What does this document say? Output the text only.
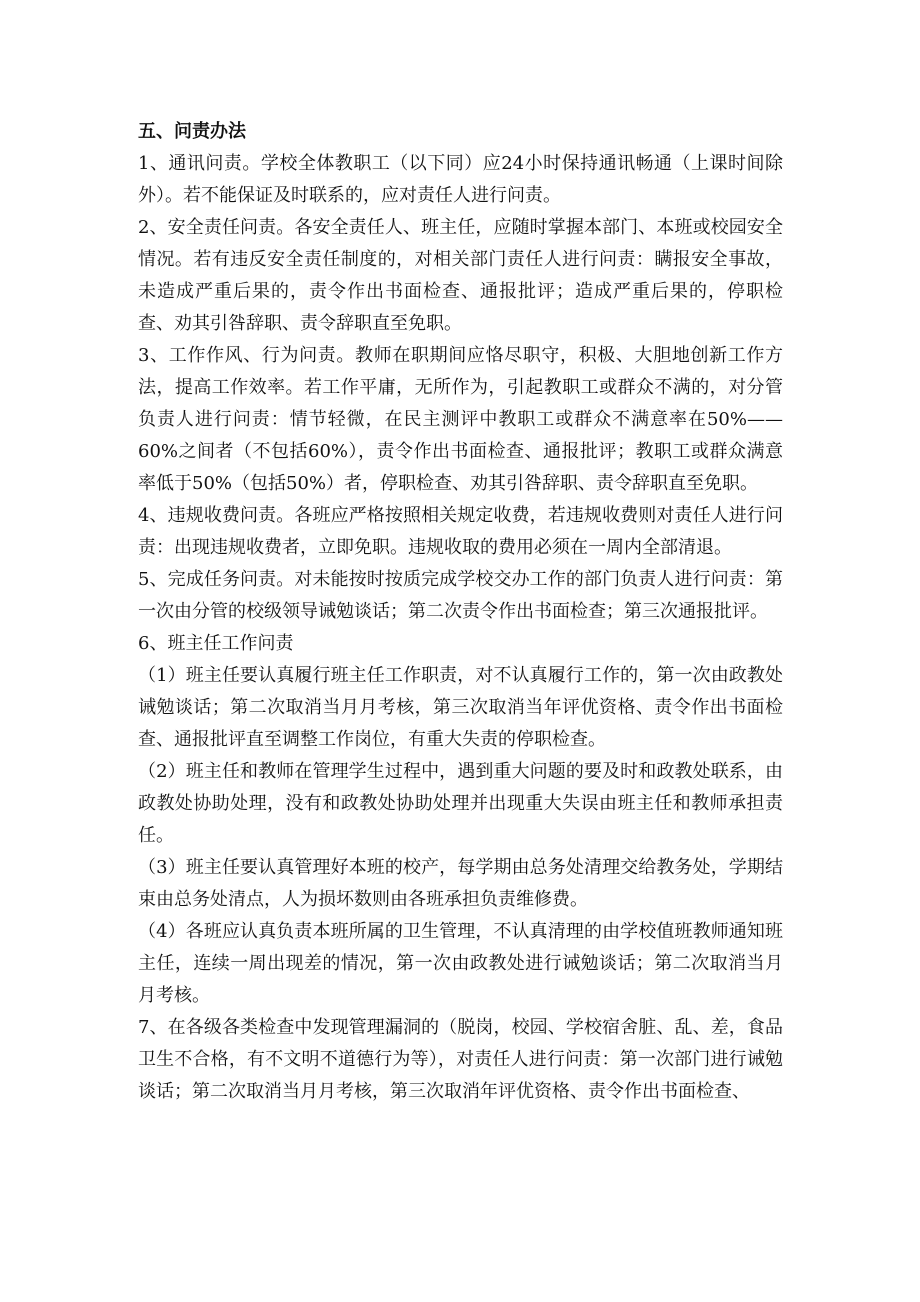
五、问责办法

1、通讯问责。学校全体教职工（以下同）应24小时保持通讯畅通（上课时间除外）。若不能保证及时联系的，应对责任人进行问责。

2、安全责任问责。各安全责任人、班主任，应随时掌握本部门、本班或校园安全情况。若有违反安全责任制度的，对相关部门责任人进行问责：瞒报安全事故，未造成严重后果的，责令作出书面检查、通报批评；造成严重后果的，停职检查、劝其引咎辞职、责令辞职直至免职。

3、工作作风、行为问责。教师在职期间应恪尽职守，积极、大胆地创新工作方法，提高工作效率。若工作平庸，无所作为，引起教职工或群众不满的，对分管负责人进行问责：情节轻微，在民主测评中教职工或群众不满意率在50%——60%之间者（不包括60%），责令作出书面检查、通报批评；教职工或群众满意率低于50%（包括50%）者，停职检查、劝其引咎辞职、责令辞职直至免职。

4、违规收费问责。各班应严格按照相关规定收费，若违规收费则对责任人进行问责：出现违规收费者，立即免职。违规收取的费用必须在一周内全部清退。

5、完成任务问责。对未能按时按质完成学校交办工作的部门负责人进行问责：第一次由分管的校级领导诫勉谈话；第二次责令作出书面检查；第三次通报批评。

6、班主任工作问责

（1）班主任要认真履行班主任工作职责，对不认真履行工作的，第一次由政教处诫勉谈话；第二次取消当月月考核，第三次取消当年评优资格、责令作出书面检查、通报批评直至调整工作岗位，有重大失责的停职检查。

（2）班主任和教师在管理学生过程中，遇到重大问题的要及时和政教处联系，由政教处协助处理，没有和政教处协助处理并出现重大失误由班主任和教师承担责任。

（3）班主任要认真管理好本班的校产，每学期由总务处清理交给教务处，学期结束由总务处清点，人为损坏数则由各班承担负责维修费。

（4）各班应认真负责本班所属的卫生管理，不认真清理的由学校值班教师通知班主任，连续一周出现差的情况，第一次由政教处进行诫勉谈话；第二次取消当月月考核。

7、在各级各类检查中发现管理漏洞的（脱岗，校园、学校宿舍脏、乱、差，食品卫生不合格，有不文明不道德行为等），对责任人进行问责：第一次部门进行诫勉谈话；第二次取消当月月考核，第三次取消年评优资格、责令作出书面检查、
